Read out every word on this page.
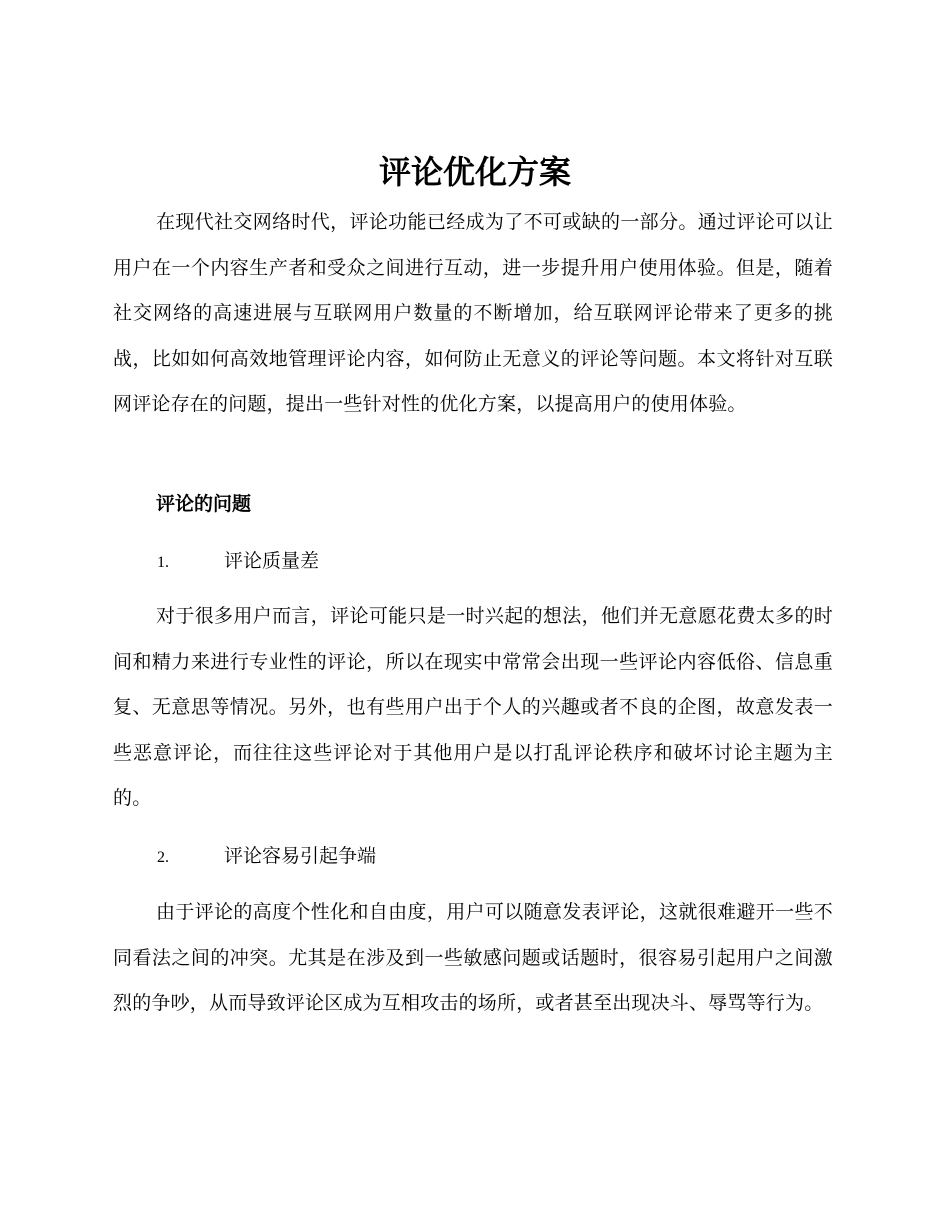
评论优化方案

在现代社交网络时代，评论功能已经成为了不可或缺的一部分。通过评论可以让用户在一个内容生产者和受众之间进行互动，进一步提升用户使用体验。但是，随着社交网络的高速进展与互联网用户数量的不断增加，给互联网评论带来了更多的挑战，比如如何高效地管理评论内容，如何防止无意义的评论等问题。本文将针对互联网评论存在的问题，提出一些针对性的优化方案，以提高用户的使用体验。

评论的问题
1.	评论质量差

对于很多用户而言，评论可能只是一时兴起的想法，他们并无意愿花费太多的时间和精力来进行专业性的评论，所以在现实中常常会出现一些评论内容低俗、信息重复、无意思等情况。另外，也有些用户出于个人的兴趣或者不良的企图，故意发表一些恶意评论，而往往这些评论对于其他用户是以打乱评论秩序和破坏讨论主题为主的。

2.	评论容易引起争端

由于评论的高度个性化和自由度，用户可以随意发表评论，这就很难避开一些不同看法之间的冲突。尤其是在涉及到一些敏感问题或话题时，很容易引起用户之间激烈的争吵，从而导致评论区成为互相攻击的场所，或者甚至出现决斗、辱骂等行为。
